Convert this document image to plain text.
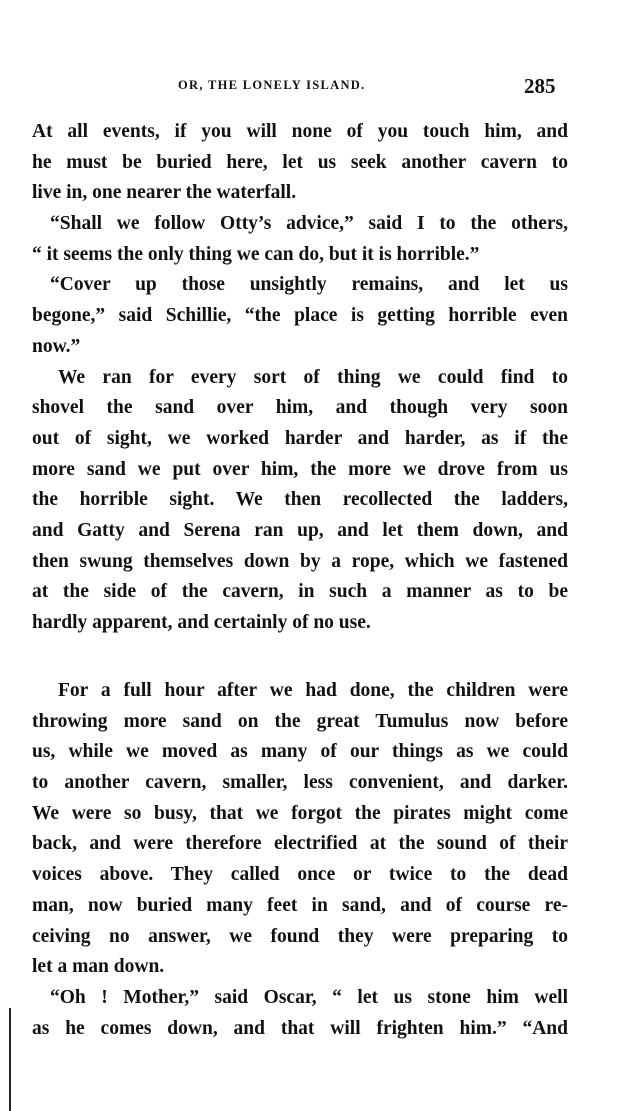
OR, THE LONELY ISLAND.	285
At all events, if you will none of you touch him, and
he must be buried here, let us seek another cavern to
live in, one nearer the waterfall.
“Shall we follow Otty’s advice,” said I to the others,
“ it seems the only thing we can do, but it is horrible.”
“Cover up those unsightly remains, and let us
begone,” said Schillie, “the place is getting horrible even
now.”
We ran for every sort of thing we could find to
shovel the sand over him, and though very soon
out of sight, we worked harder and harder, as if the
more sand we put over him, the more we drove from us
the horrible sight. We then recollected the ladders,
and Gatty and Serena ran up, and let them down, and
then swung themselves down by a rope, which we fastened
at the side of the cavern, in such a manner as to be
hardly apparent, and certainly of no use.
For a full hour after we had done, the children were
throwing more sand on the great Tumulus now before
us, while we moved as many of our things as we could
to another cavern, smaller, less convenient, and darker.
We were so busy, that we forgot the pirates might come
back, and were therefore electrified at the sound of their
voices above. They called once or twice to the dead
man, now buried many feet in sand, and of course re-
ceiving no answer, we found they were preparing to
let a man down.
“Oh ! Mother,” said Oscar, “ let us stone him well
as he comes down, and that will frighten him.” “And
